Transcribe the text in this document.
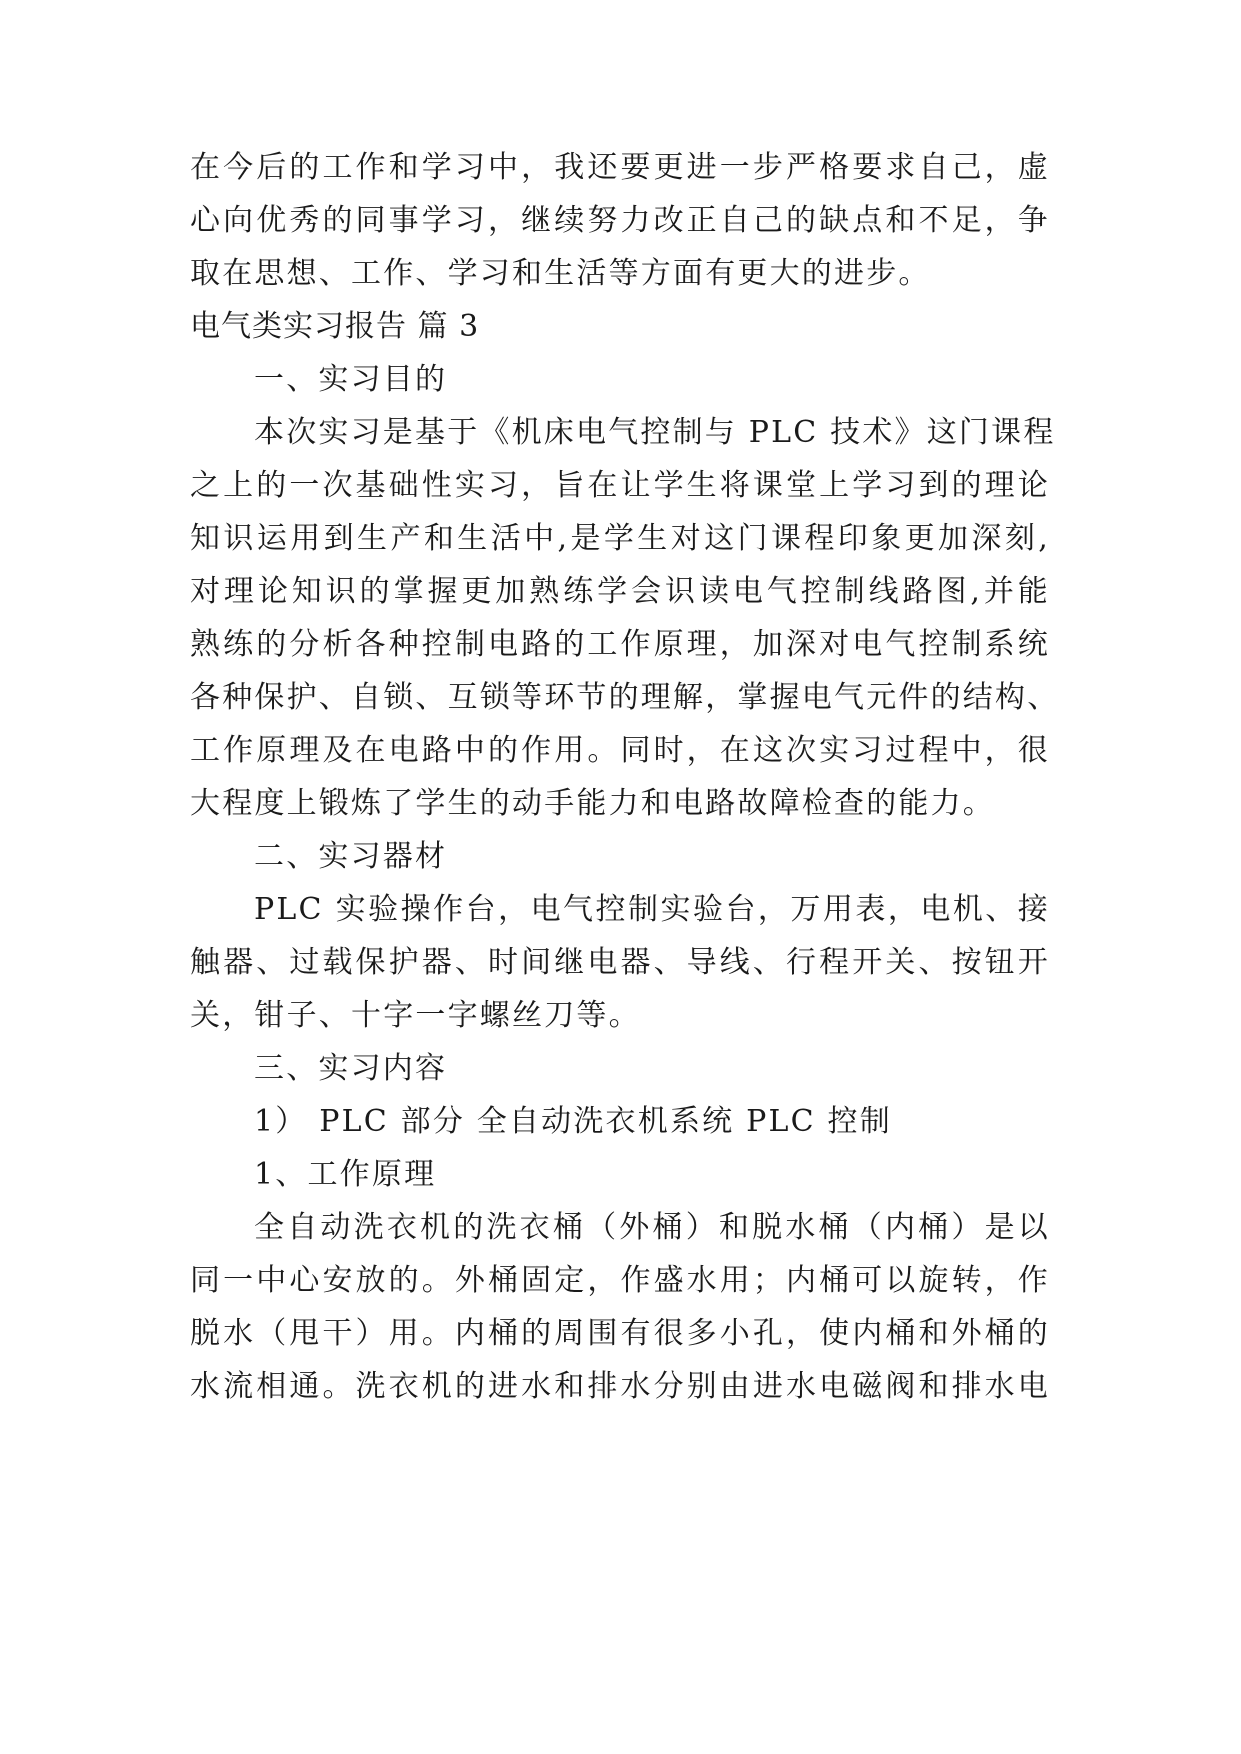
在今后的工作和学习中，我还要更进一步严格要求自己，虚
心向优秀的同事学习，继续努力改正自己的缺点和不足，争
取在思想、工作、学习和生活等方面有更大的进步。
电气类实习报告 篇 3
一、实习目的
本次实习是基于《机床电气控制与 PLC 技术》这门课程
之上的一次基础性实习，旨在让学生将课堂上学习到的理论
知识运用到生产和生活中,是学生对这门课程印象更加深刻,
对理论知识的掌握更加熟练学会识读电气控制线路图,并能
熟练的分析各种控制电路的工作原理，加深对电气控制系统
各种保护、自锁、互锁等环节的理解，掌握电气元件的结构、
工作原理及在电路中的作用。同时，在这次实习过程中，很
大程度上锻炼了学生的动手能力和电路故障检查的能力。
二、实习器材
PLC 实验操作台，电气控制实验台，万用表，电机、接
触器、过载保护器、时间继电器、导线、行程开关、按钮开
关，钳子、十字一字螺丝刀等。
三、实习内容
1） PLC 部分 全自动洗衣机系统 PLC 控制
1、工作原理
全自动洗衣机的洗衣桶（外桶）和脱水桶（内桶）是以
同一中心安放的。外桶固定，作盛水用；内桶可以旋转，作
脱水（甩干）用。内桶的周围有很多小孔，使内桶和外桶的
水流相通。洗衣机的进水和排水分别由进水电磁阀和排水电
